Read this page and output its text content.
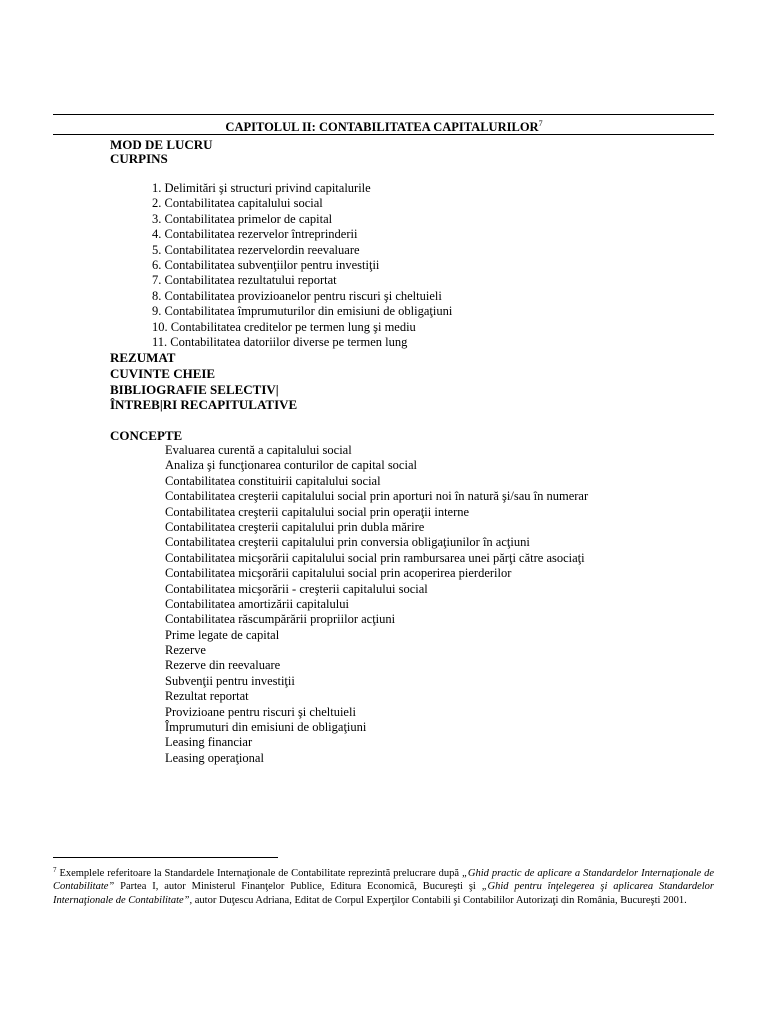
CAPITOLUL II: CONTABILITATEA CAPITALURILOR$^7$
MOD DE LUCRU
CURPINS
1. Delimitări şi structuri privind capitalurile
2. Contabilitatea capitalului social
3. Contabilitatea primelor de capital
4. Contabilitatea rezervelor întreprinderii
5. Contabilitatea rezervelordin reevaluare
6. Contabilitatea subvenţiilor pentru investiţii
7. Contabilitatea rezultatului reportat
8. Contabilitatea provizioanelor pentru riscuri şi cheltuieli
9. Contabilitatea împrumuturilor din emisiuni de obligaţiuni
10. Contabilitatea creditelor pe termen lung şi mediu
11. Contabilitatea datoriilor diverse pe termen lung
REZUMAT
CUVINTE CHEIE
BIBLIOGRAFIE SELECTIV|
ÎNTREB|RI RECAPITULATIVE
CONCEPTE
Evaluarea curentă a capitalului social
Analiza şi funcţionarea conturilor de capital social
Contabilitatea constituirii capitalului social
Contabilitatea creşterii capitalului social prin aporturi noi în natură şi/sau în numerar
Contabilitatea creşterii capitalului social prin operaţii interne
Contabilitatea creşterii capitalului prin dubla mărire
Contabilitatea creşterii capitalului prin conversia obligaţiunilor în acţiuni
Contabilitatea micşorării capitalului social prin rambursarea unei părţi către asociaţi
Contabilitatea micşorării capitalului social prin acoperirea pierderilor
Contabilitatea micşorării - creşterii capitalului social
Contabilitatea amortizării capitalului
Contabilitatea răscumpărării propriilor acţiuni
Prime legate de capital
Rezerve
Rezerve din reevaluare
Subvenţii pentru investiţii
Rezultat reportat
Provizioane pentru riscuri şi cheltuieli
Împrumuturi din emisiuni de obligaţiuni
Leasing financiar
Leasing operaţional
$^7$ Exemplele referitoare la Standardele Internaţionale de Contabilitate reprezintă prelucrare după „Ghid practic de aplicare a Standardelor Internaţionale de Contabilitate” Partea I, autor Ministerul Finanţelor Publice, Editura Economică, Bucureşti şi „Ghid pentru înţelegerea şi aplicarea Standardelor Internaţionale de Contabilitate”, autor Duţescu Adriana, Editat de Corpul Experţilor Contabili şi Contabililor Autorizaţi din România, Bucureşti 2001.
